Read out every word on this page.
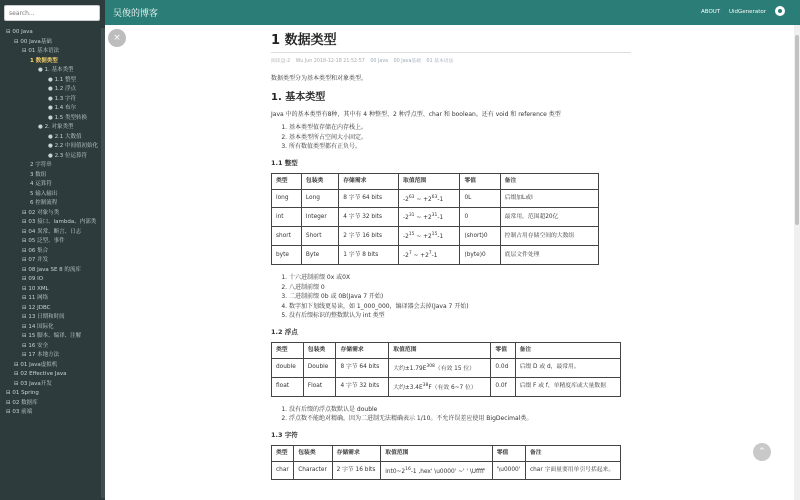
search...
⊟ 00 Java
⊟ 00 Java基础
⊟ 01 基本语法
1 数据类型
● 1. 基本类型
● 1.1 整型
● 1.2 浮点
● 1.3 字符
● 1.4 布尔
● 1.5 类型转换
● 2. 对象类型
● 2.1 大数值
● 2.2 中间值初始化
● 2.3 位运算符
2 字符串
3 数组
4 运算符
5 输入输出
6 控制流程
⊟ 02 对象与类
⊟ 03 接口、lambda、内部类
⊟ 04 異常、断言、日志
⊟ 05 泛型、事件
⊟ 06 集合
⊟ 07 并发
⊟ 08 Java SE 8 的流库
⊟ 09 IO
⊟ 10 XML
⊟ 11 网络
⊟ 12 JDBC
⊟ 13 日期和时间
⊟ 14 国际化
⊟ 15 脚本、编译、注解
⊟ 16 安全
⊟ 17 本地方法
⊟ 01 Java虚拟机
⊟ 02 Effective Java
⊟ 03 Java开发
⊟ 01 Spring
⊟ 02 数据库
⊟ 03 前端
吴俊的博客	ABOUT UidGenerator
×
⌃
1 数据类型
阅读盘-2 Wu Jun 2018-12-18 21:52:57 00 Java 00 Java基础 01 基本语法

数据类型分为基本类型和对象类型。

1. 基本类型

Java 中的基本类型有8种，其中有 4 种整型、2 种浮点型、char 和 boolean。还有 void 和 reference 类型

1. 基本类型值存储在内存栈上。
2. 基本类型所占空间大小固定。
3. 所有数值类型都有正负号。
1.1 整型
类型	包装类	存储需求	取值范围	零值	备注
long	Long	8 字节 64 bits	$-2^{63}$ ~ $+2^{63}-1$	0L	后缀加L或l
int	Integer	4 字节 32 bits	$-2^{31}$ ~ $+2^{31}-1$	0	最常用，范围超20亿
short	Short	2 字节 16 bits	$-2^{15}$ ~ $+2^{15}-1$	(short)0	控制占用存储空间的大数组
byte	Byte	1 字节 8 bits	$-2^7$ ~ $+2^7-1$	(byte)0	底层文件处理
1. 十六进制前缀 0x 或0X
2. 八进制前缀 0
3. 二进制前缀 0b 或 0B(Java 7 开始)
4. 数字加下划线更易读，如 1_000_000，编译器会去掉(Java 7 开始)
5. 没有后缀标识的整数默认为 int 类型
1.2 浮点
类型	包装类	存储需求	取值范围	零值	备注
double	Double	8 字节 64 bits	大约$\pm 1.79E^{308}$（有效 15 位）	0.0d	后缀 D 或 d，最常用。
float	Float	4 字节 32 bits	大约$\pm 3.4E^{38}F$（有效 6~7 位）	0.0f	后缀 F 或 f，单精度库或大量数据
1. 没有后缀的浮点数默认是 double
2. 浮点数不能绝对精确，因为二进制无法精确表示 1/10。不允许误差应使用 BigDecimal类。
1.3 字符
类型	包装类	存储需求	取值范围	零值	备注
char	Character	2 字节 16 bits	$int0\sim 2^{16}-1$ ,hex' \u0000' ~' ' \Uffff'	'\u0000'	char 字面量要用单引号括起来。
